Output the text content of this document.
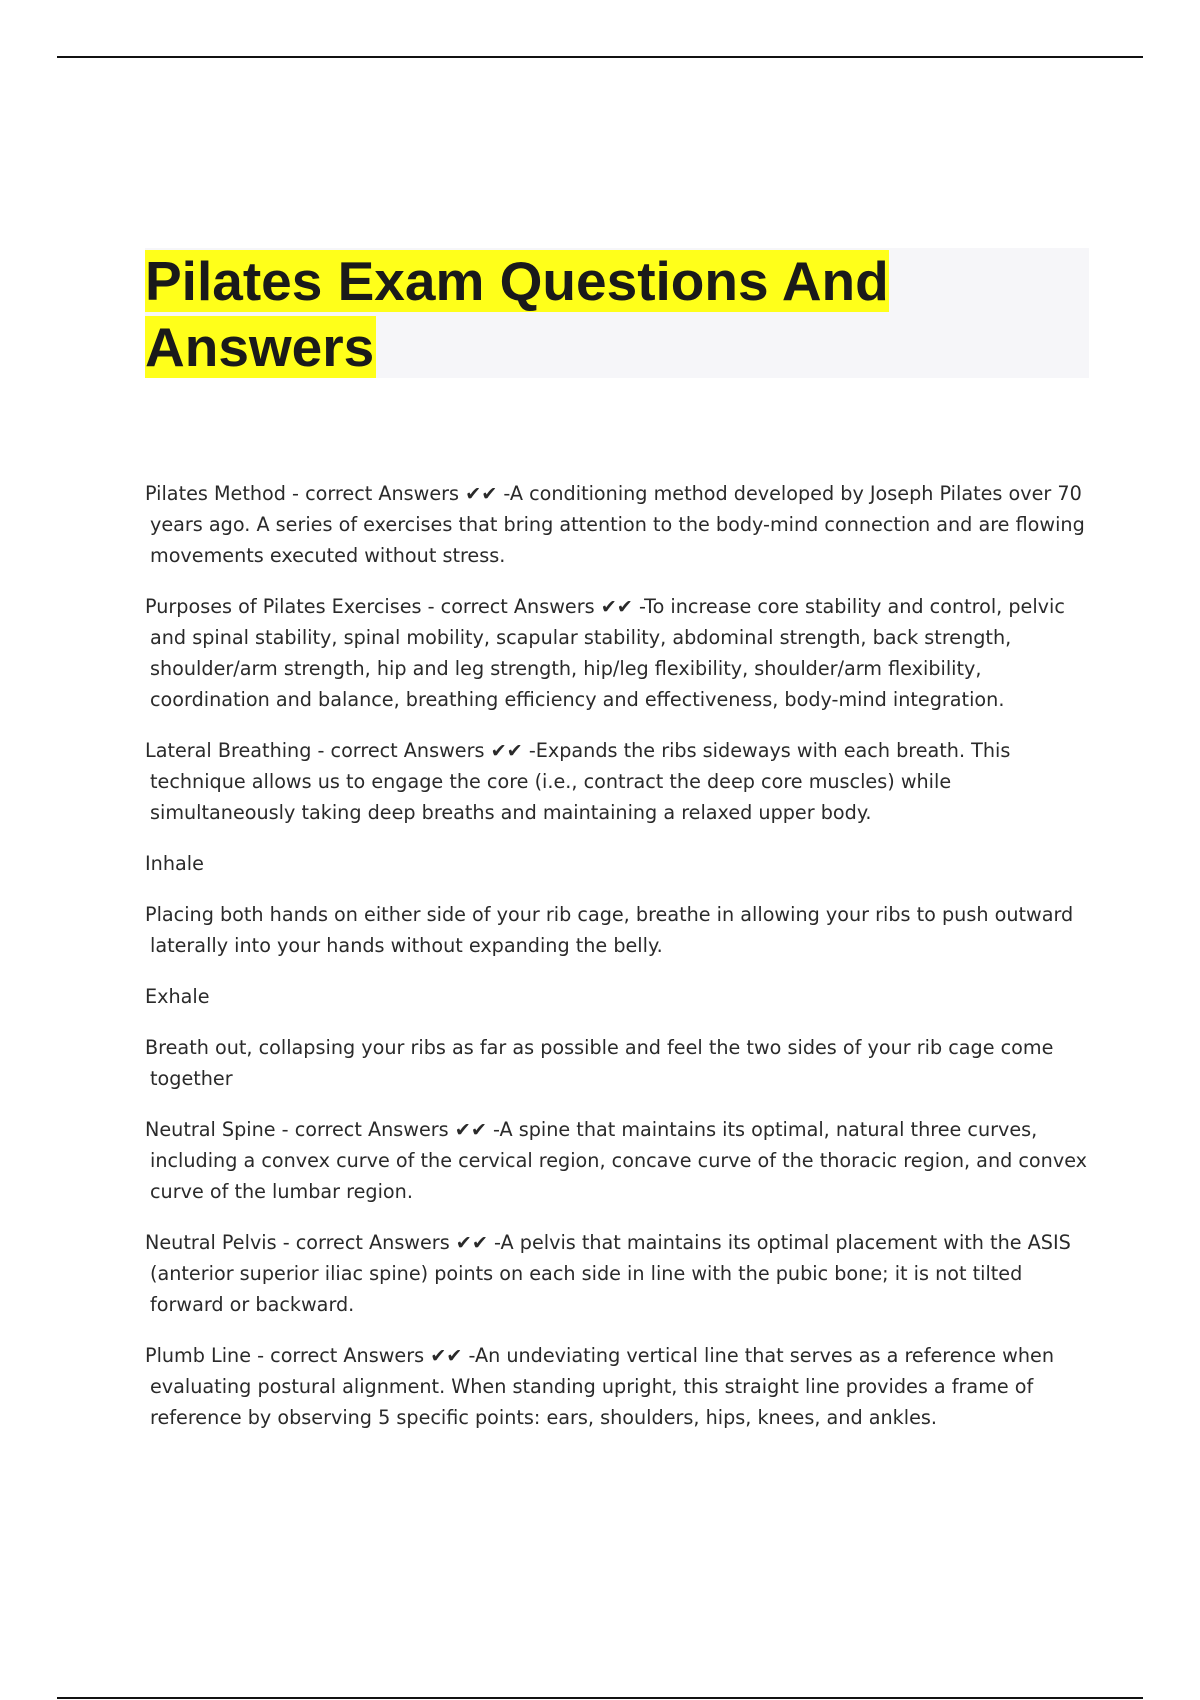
Pilates Exam Questions And Answers

Pilates Method - correct Answers ✔✔ -A conditioning method developed by Joseph Pilates over 70 years ago. A series of exercises that bring attention to the body-mind connection and are flowing movements executed without stress.

Purposes of Pilates Exercises - correct Answers ✔✔ -To increase core stability and control, pelvic and spinal stability, spinal mobility, scapular stability, abdominal strength, back strength, shoulder/arm strength, hip and leg strength, hip/leg flexibility, shoulder/arm flexibility, coordination and balance, breathing efficiency and effectiveness, body-mind integration.

Lateral Breathing - correct Answers ✔✔ -Expands the ribs sideways with each breath. This technique allows us to engage the core (i.e., contract the deep core muscles) while simultaneously taking deep breaths and maintaining a relaxed upper body.

Inhale

Placing both hands on either side of your rib cage, breathe in allowing your ribs to push outward laterally into your hands without expanding the belly.

Exhale

Breath out, collapsing your ribs as far as possible and feel the two sides of your rib cage come together

Neutral Spine - correct Answers ✔✔ -A spine that maintains its optimal, natural three curves, including a convex curve of the cervical region, concave curve of the thoracic region, and convex curve of the lumbar region.

Neutral Pelvis - correct Answers ✔✔ -A pelvis that maintains its optimal placement with the ASIS (anterior superior iliac spine) points on each side in line with the pubic bone; it is not tilted forward or backward.

Plumb Line - correct Answers ✔✔ -An undeviating vertical line that serves as a reference when evaluating postural alignment. When standing upright, this straight line provides a frame of reference by observing 5 specific points: ears, shoulders, hips, knees, and ankles.
